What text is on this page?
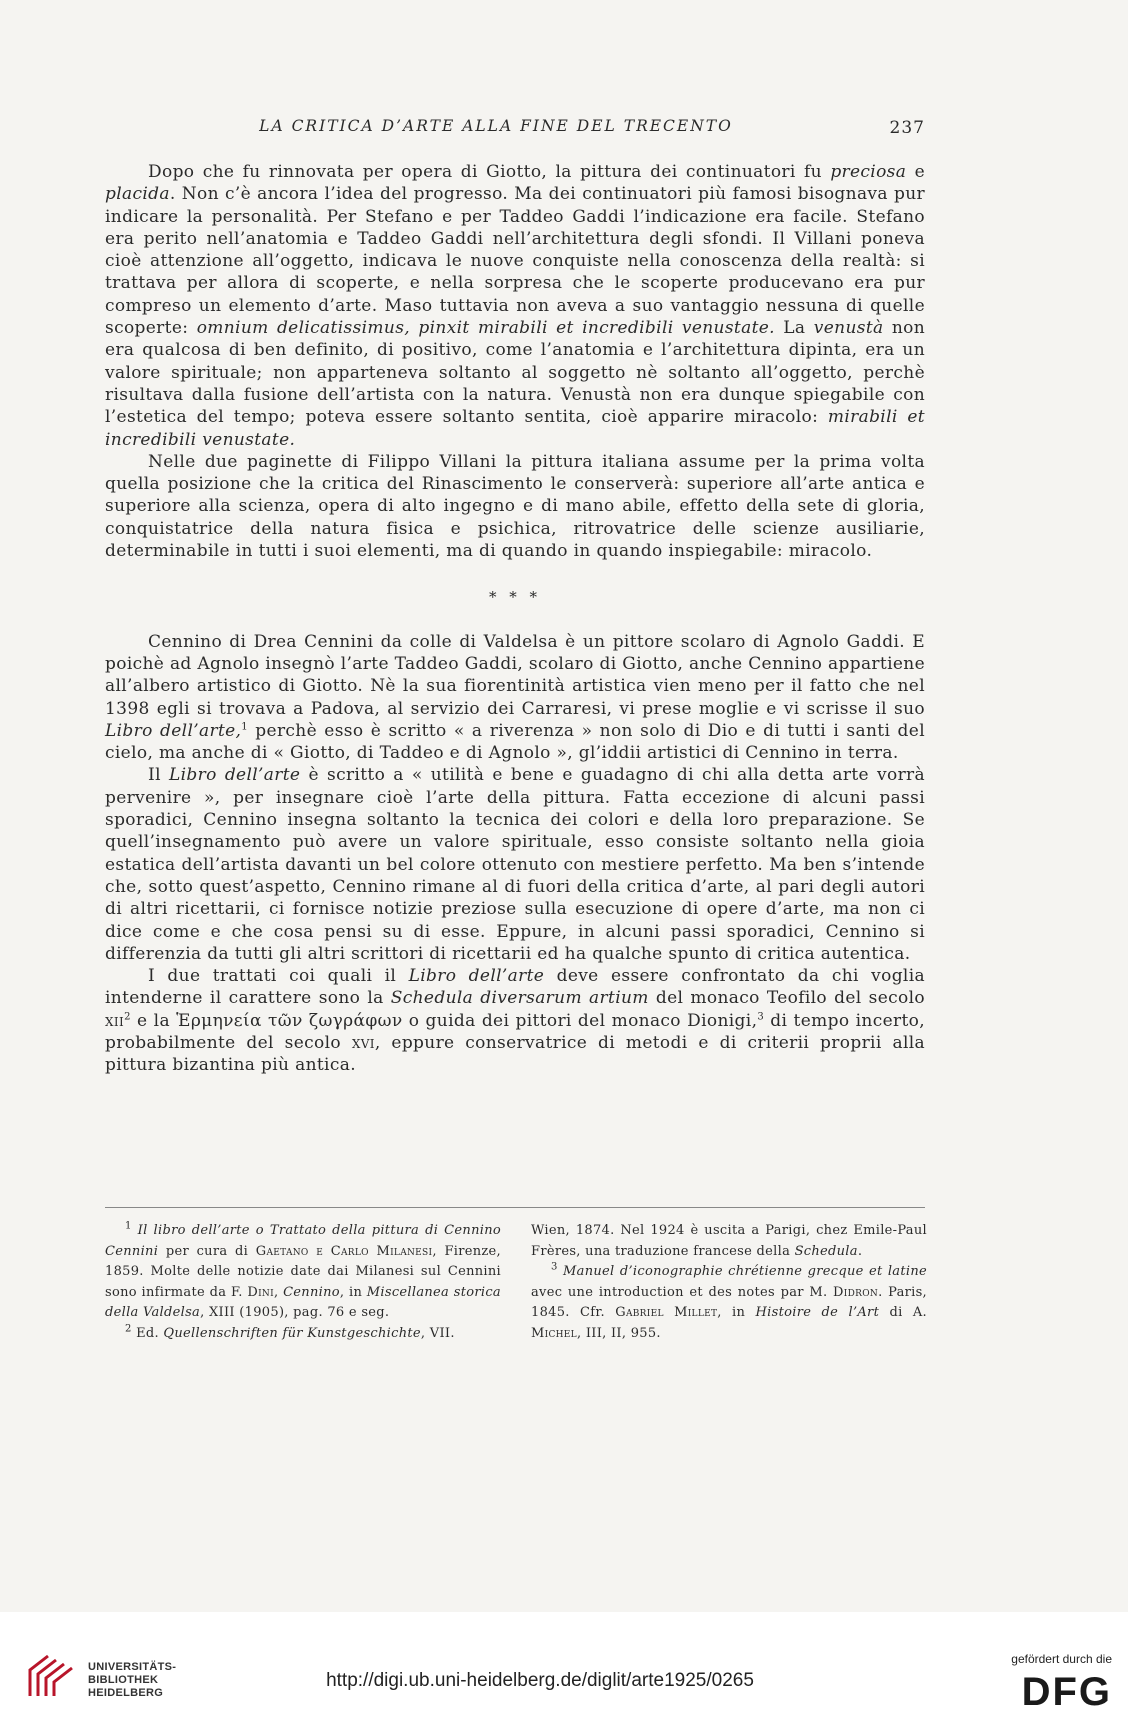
LA CRITICA D’ARTE ALLA FINE DEL TRECENTO	237

Dopo che fu rinnovata per opera di Giotto, la pittura dei continuatori fu preciosa e placida. Non c’è ancora l’idea del progresso. Ma dei continuatori più famosi bisognava pur indicare la personalità. Per Stefano e per Taddeo Gaddi l’indicazione era facile. Stefano era perito nell’anatomia e Taddeo Gaddi nell’architettura degli sfondi. Il Villani poneva cioè attenzione all’oggetto, indicava le nuove conquiste nella conoscenza della realtà: si trattava per allora di scoperte, e nella sorpresa che le scoperte producevano era pur compreso un elemento d’arte. Maso tuttavia non aveva a suo vantaggio nessuna di quelle scoperte: omnium delicatissimus, pinxit mirabili et incredibili venustate. La venustà non era qualcosa di ben definito, di positivo, come l’anatomia e l’architettura dipinta, era un valore spirituale; non apparteneva soltanto al soggetto nè soltanto all’oggetto, perchè risultava dalla fusione dell’artista con la natura. Venustà non era dunque spiegabile con l’estetica del tempo; poteva essere soltanto sentita, cioè apparire miracolo: mirabili et incredibili venustate.

Nelle due paginette di Filippo Villani la pittura italiana assume per la prima volta quella posizione che la critica del Rinascimento le conserverà: superiore all’arte antica e superiore alla scienza, opera di alto ingegno e di mano abile, effetto della sete di gloria, conquistatrice della natura fisica e psichica, ritrovatrice delle scienze ausiliarie, determinabile in tutti i suoi elementi, ma di quando in quando inspiegabile: miracolo.

* * *

Cennino di Drea Cennini da colle di Valdelsa è un pittore scolaro di Agnolo Gaddi. E poichè ad Agnolo insegnò l’arte Taddeo Gaddi, scolaro di Giotto, anche Cennino appartiene all’albero artistico di Giotto. Nè la sua fiorentinità artistica vien meno per il fatto che nel 1398 egli si trovava a Padova, al servizio dei Carraresi, vi prese moglie e vi scrisse il suo Libro dell’arte,$^1$ perchè esso è scritto « a riverenza » non solo di Dio e di tutti i santi del cielo, ma anche di « Giotto, di Taddeo e di Agnolo », gl’iddii artistici di Cennino in terra.

Il Libro dell’arte è scritto a « utilità e bene e guadagno di chi alla detta arte vorrà pervenire », per insegnare cioè l’arte della pittura. Fatta eccezione di alcuni passi sporadici, Cennino insegna soltanto la tecnica dei colori e della loro preparazione. Se quell’insegnamento può avere un valore spirituale, esso consiste soltanto nella gioia estatica dell’artista davanti un bel colore ottenuto con mestiere perfetto. Ma ben s’intende che, sotto quest’aspetto, Cennino rimane al di fuori della critica d’arte, al pari degli autori di altri ricettarii, ci fornisce notizie preziose sulla esecuzione di opere d’arte, ma non ci dice come e che cosa pensi su di esse. Eppure, in alcuni passi sporadici, Cennino si differenzia da tutti gli altri scrittori di ricettarii ed ha qualche spunto di critica autentica.

I due trattati coi quali il Libro dell’arte deve essere confrontato da chi voglia intenderne il carattere sono la Schedula diversarum artium del monaco Teofilo del secolo xii$^2$ e la Ἑρμηνεία τῶν ζωγράφων o guida dei pittori del monaco Dionigi,$^3$ di tempo incerto, probabilmente del secolo xvi, eppure conservatrice di metodi e di criterii proprii alla pittura bizantina più antica.

$^1$ Il libro dell’arte o Trattato della pittura di Cennino Cennini per cura di Gaetano e Carlo Milanesi, Firenze, 1859. Molte delle notizie date dai Milanesi sul Cennini sono infirmate da F. Dini, Cennino, in Miscellanea storica della Valdelsa, XIII (1905), pag. 76 e seg.

$^2$ Ed. Quellenschriften für Kunstgeschichte, VII.

Wien, 1874. Nel 1924 è uscita a Parigi, chez Emile-Paul Frères, una traduzione francese della Schedula.

$^3$ Manuel d’iconographie chrétienne grecque et latine avec une introduction et des notes par M. Didron. Paris, 1845. Cfr. Gabriel Millet, in Histoire de l’Art di A. Michel, III, II, 955.

UNIVERSITÄTS-
BIBLIOTHEK
HEIDELBERG
http://digi.ub.uni-heidelberg.de/diglit/arte1925/0265
gefördert durch die
DFG
